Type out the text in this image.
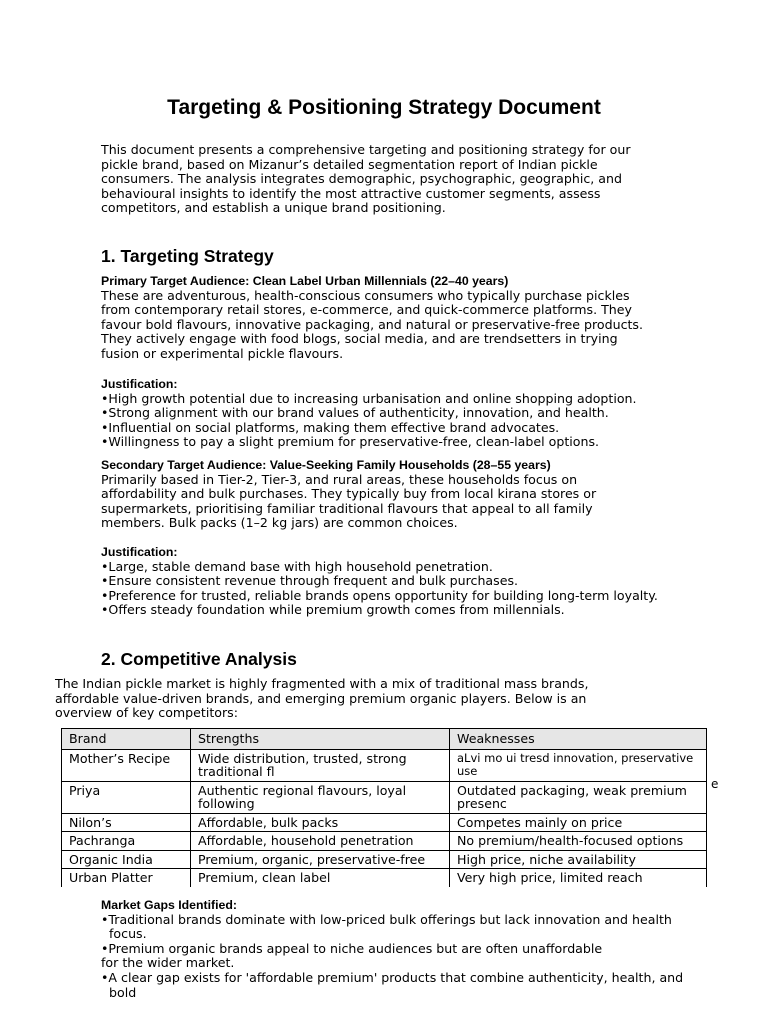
Targeting & Positioning Strategy Document
This document presents a comprehensive targeting and positioning strategy for our
pickle brand, based on Mizanur’s detailed segmentation report of Indian pickle
consumers. The analysis integrates demographic, psychographic, geographic, and
behavioural insights to identify the most attractive customer segments, assess
competitors, and establish a unique brand positioning.
1. Targeting Strategy
Primary Target Audience: Clean Label Urban Millennials (22–40 years)
These are adventurous, health-conscious consumers who typically purchase pickles
from contemporary retail stores, e-commerce, and quick-commerce platforms. They
favour bold flavours, innovative packaging, and natural or preservative-free products.
They actively engage with food blogs, social media, and are trendsetters in trying
fusion or experimental pickle flavours.
Justification:
•High growth potential due to increasing urbanisation and online shopping adoption.
•Strong alignment with our brand values of authenticity, innovation, and health.
•Influential on social platforms, making them effective brand advocates.
•Willingness to pay a slight premium for preservative-free, clean-label options.
Secondary Target Audience: Value-Seeking Family Households (28–55 years)
Primarily based in Tier-2, Tier-3, and rural areas, these households focus on
affordability and bulk purchases. They typically buy from local kirana stores or
supermarkets, prioritising familiar traditional flavours that appeal to all family
members. Bulk packs (1–2 kg jars) are common choices.
Justification:
•Large, stable demand base with high household penetration.
•Ensure consistent revenue through frequent and bulk purchases.
•Preference for trusted, reliable brands opens opportunity for building long-term loyalty.
•Offers steady foundation while premium growth comes from millennials.
2. Competitive Analysis
The Indian pickle market is highly fragmented with a mix of traditional mass brands,
affordable value-driven brands, and emerging premium organic players. Below is an
overview of key competitors:
Brand	Strengths	Weaknesses
Mother’s Recipe	Wide distribution, trusted, strong traditional fl	aLvi mo ui tresd innovation, preservative use
Priya	Authentic regional flavours, loyal following	Outdated packaging, weak premium presenc
Nilon’s	Affordable, bulk packs	Competes mainly on price
Pachranga	Affordable, household penetration	No premium/health-focused options
Organic India	Premium, organic, preservative-free	High price, niche availability
Urban Platter	Premium, clean label	Very high price, limited reach
e
Market Gaps Identified:
•Traditional brands dominate with low-priced bulk offerings but lack innovation and health
focus.
•Premium organic brands appeal to niche audiences but are often unaffordable
for the wider market.
•A clear gap exists for 'affordable premium' products that combine authenticity, health, and
bold
